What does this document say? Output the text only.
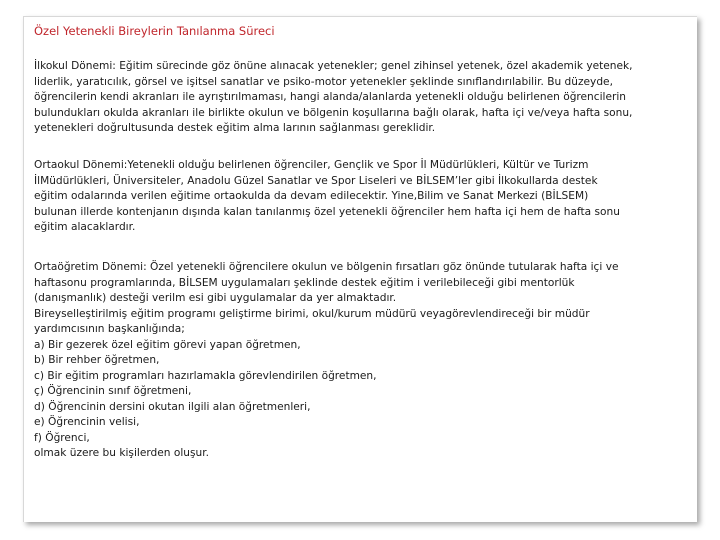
Özel Yetenekli Bireylerin Tanılanma Süreci
İlkokul Dönemi: Eğitim sürecinde göz önüne alınacak yetenekler; genel zihinsel yetenek, özel akademik yetenek,
liderlik, yaratıcılık, görsel ve işitsel sanatlar ve psiko-motor yetenekler şeklinde sınıflandırılabilir. Bu düzeyde,
öğrencilerin kendi akranları ile ayrıştırılmaması, hangi alanda/alanlarda yetenekli olduğu belirlenen öğrencilerin
bulundukları okulda akranları ile birlikte okulun ve bölgenin koşullarına bağlı olarak, hafta içi ve/veya hafta sonu,
yetenekleri doğrultusunda destek eğitim alma larının sağlanması gereklidir.
Ortaokul Dönemi:Yetenekli olduğu belirlenen öğrenciler, Gençlik ve Spor İl Müdürlükleri, Kültür ve Turizm
İlMüdürlükleri, Üniversiteler, Anadolu Güzel Sanatlar ve Spor Liseleri ve BİLSEM’ler gibi İlkokullarda destek
eğitim odalarında verilen eğitime ortaokulda da devam edilecektir. Yine,Bilim ve Sanat Merkezi (BİLSEM)
bulunan illerde kontenjanın dışında kalan tanılanmış özel yetenekli öğrenciler hem hafta içi hem de hafta sonu
eğitim alacaklardır.
Ortaöğretim Dönemi: Özel yetenekli öğrencilere okulun ve bölgenin fırsatları göz önünde tutularak hafta içi ve
haftasonu programlarında, BİLSEM uygulamaları şeklinde destek eğitim i verilebileceği gibi mentorlük
(danışmanlık) desteği verilm esi gibi uygulamalar da yer almaktadır.
Bireyselleştirilmiş eğitim programı geliştirme birimi, okul/kurum müdürü veyagörevlendireceği bir müdür
yardımcısının başkanlığında;
a) Bir gezerek özel eğitim görevi yapan öğretmen,
b) Bir rehber öğretmen,
c) Bir eğitim programları hazırlamakla görevlendirilen öğretmen,
ç) Öğrencinin sınıf öğretmeni,
d) Öğrencinin dersini okutan ilgili alan öğretmenleri,
e) Öğrencinin velisi,
f) Öğrenci,
olmak üzere bu kişilerden oluşur.
